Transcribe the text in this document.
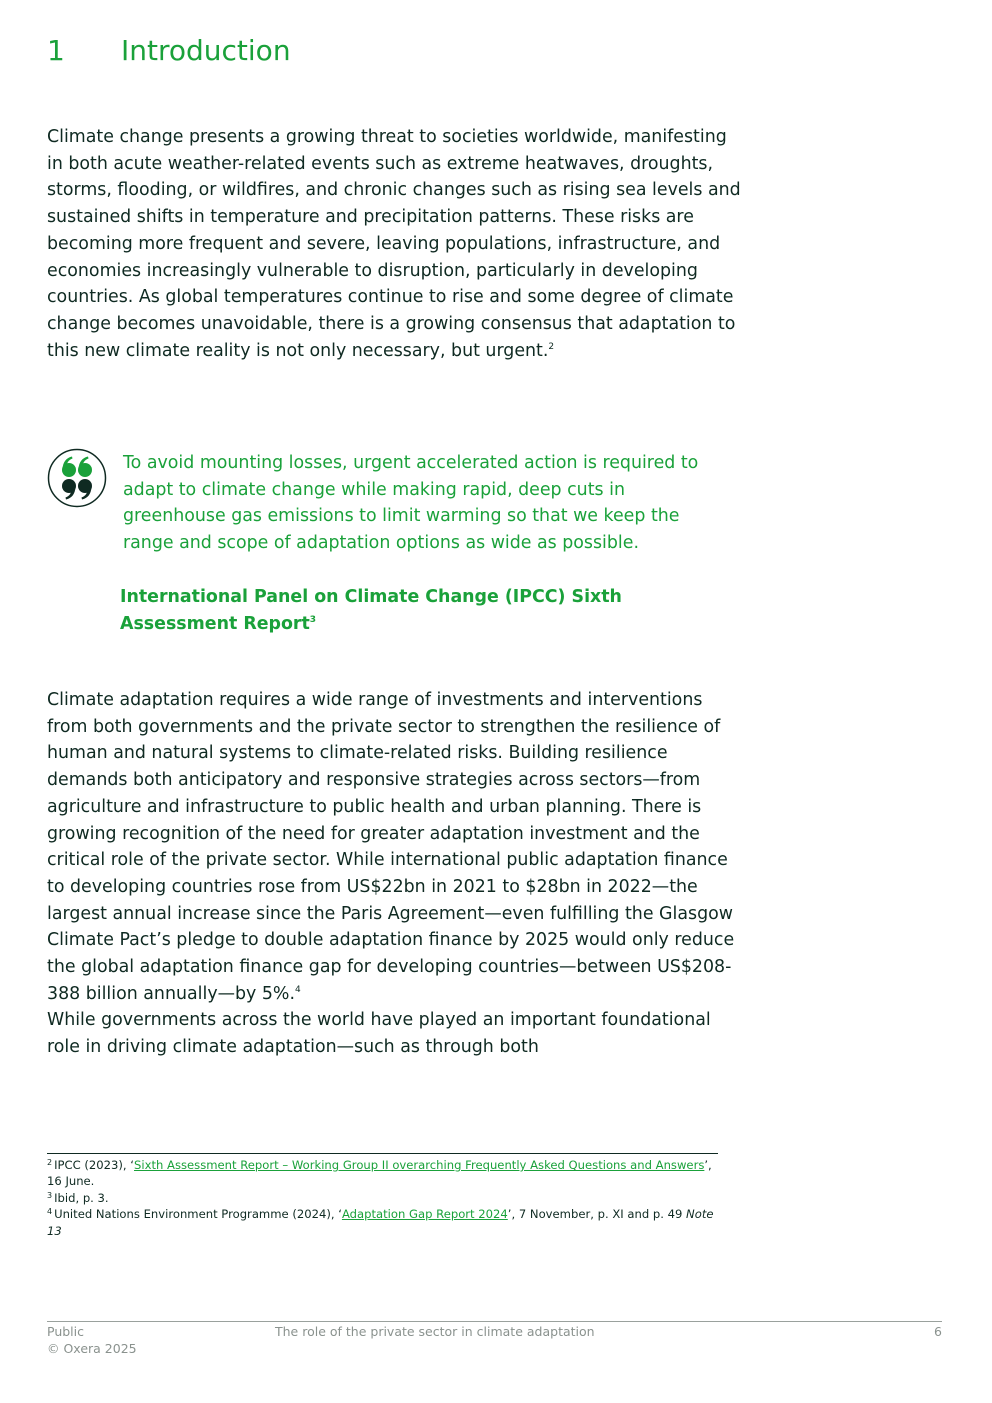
1 Introduction

Climate change presents a growing threat to societies worldwide, manifesting in both acute weather-related events such as extreme heatwaves, droughts, storms, flooding, or wildfires, and chronic changes such as rising sea levels and sustained shifts in temperature and precipitation patterns. These risks are becoming more frequent and severe, leaving populations, infrastructure, and economies increasingly vulnerable to disruption, particularly in developing countries. As global temperatures continue to rise and some degree of climate change becomes unavoidable, there is a growing consensus that adaptation to this new climate reality is not only necessary, but urgent.$^2$

To avoid mounting losses, urgent accelerated action is required to adapt to climate change while making rapid, deep cuts in greenhouse gas emissions to limit warming so that we keep the range and scope of adaptation options as wide as possible.

International Panel on Climate Change (IPCC) Sixth Assessment Report$^3$

Climate adaptation requires a wide range of investments and interventions from both governments and the private sector to strengthen the resilience of human and natural systems to climate-related risks. Building resilience demands both anticipatory and responsive strategies across sectors—from agriculture and infrastructure to public health and urban planning. There is growing recognition of the need for greater adaptation investment and the critical role of the private sector. While international public adaptation finance to developing countries rose from US$22bn in 2021 to $28bn in 2022—the largest annual increase since the Paris Agreement—even fulfilling the Glasgow Climate Pact’s pledge to double adaptation finance by 2025 would only reduce the global adaptation finance gap for developing countries—between US$208-388 billion annually—by 5%.$^4$
While governments across the world have played an important foundational role in driving climate adaptation—such as through both

$^2$ IPCC (2023), ‘Sixth Assessment Report – Working Group II overarching Frequently Asked Questions and Answers’, 16 June.

$^3$ Ibid, p. 3.

$^4$ United Nations Environment Programme (2024), ‘Adaptation Gap Report 2024’, 7 November, p. XI and p. 49 Note 13

Public
© Oxera 2025
The role of the private sector in climate adaptation	6
